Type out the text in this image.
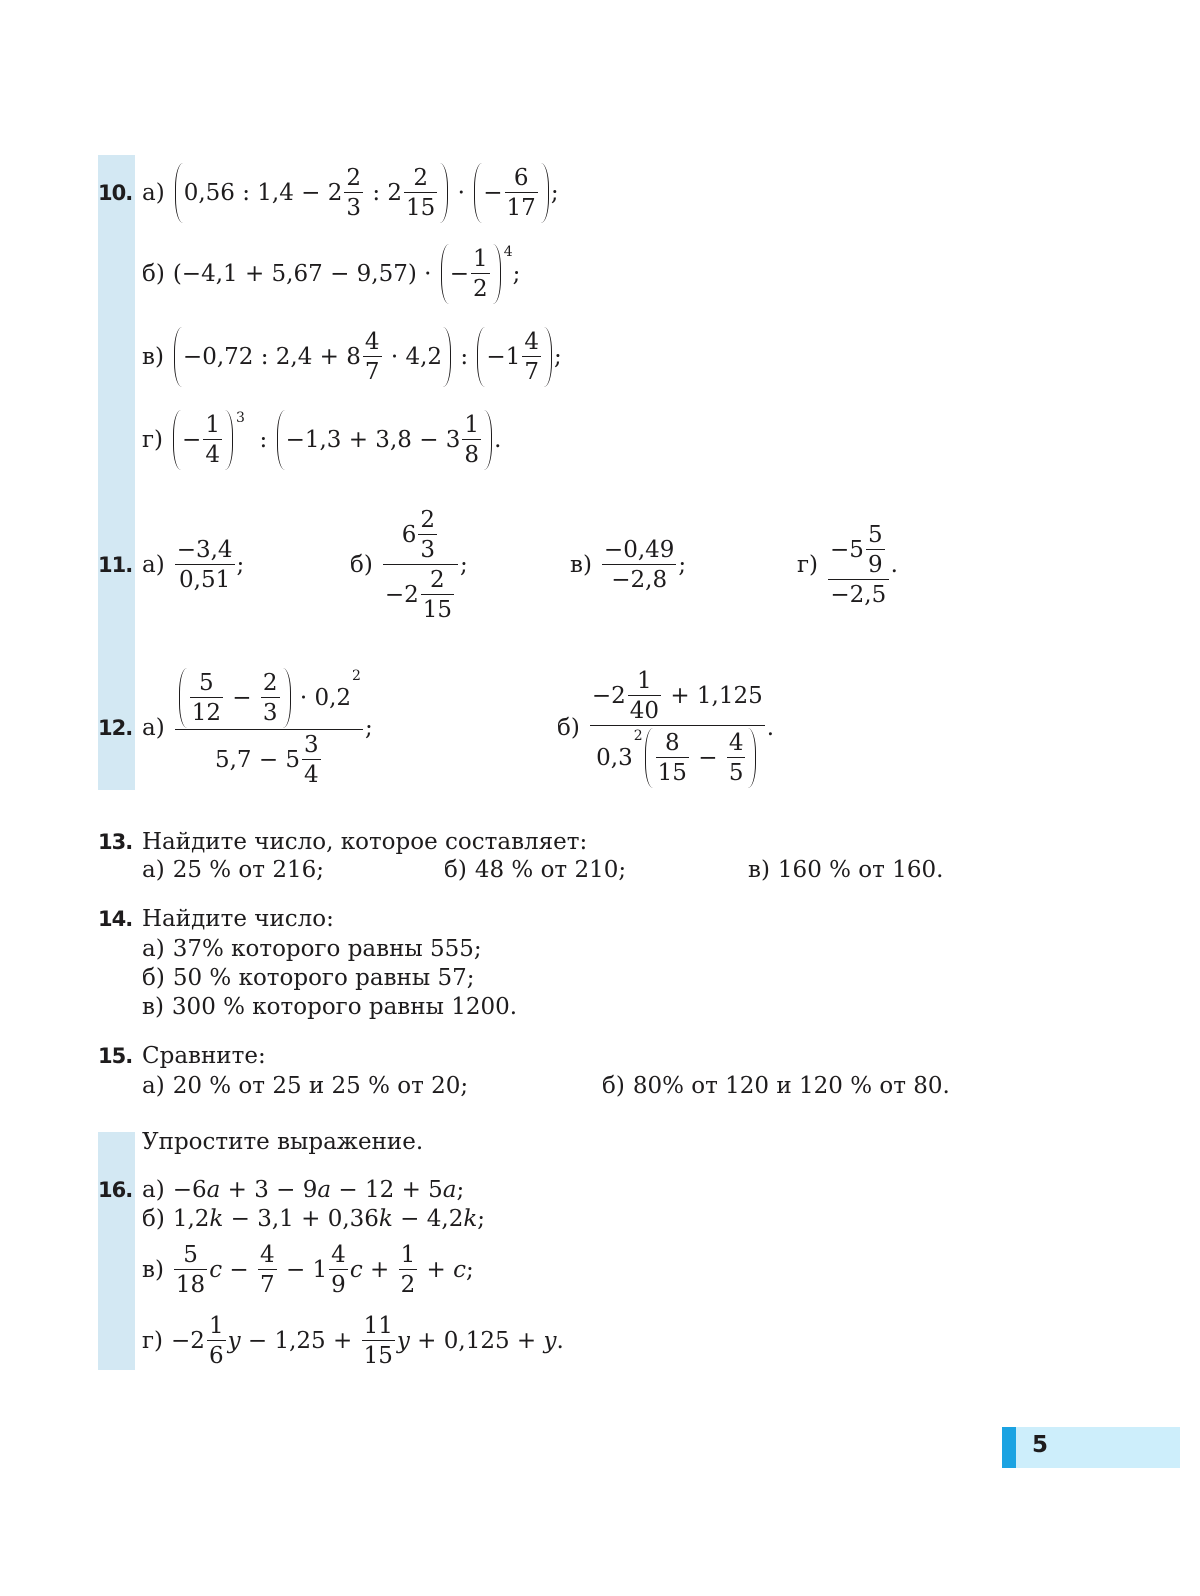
10. а) 0,56 : $1,4 - 2 \frac{2}{3}$ : $2 \frac{2}{15}$ · − $\frac{6}{17}$ ;
б) (−4,1 + 5,67 − 9,57) · − $\frac{1}{2} 4$
;
в) −0,72 : $2,4 + 8 \frac{4}{7} \cdot 4,2$ : $-1 \frac{4}{7}$ ;
$г) - \frac{1}{4} 3$
: $-1,3 + 3,8 - 3 \frac{1}{8}$ .
11. $а) \frac{-3,4}{0,51}$ ;	$б) \frac{6 \frac{2}{3}}{-2 \frac{2}{15}}$ ;	$в) \frac{-0,49}{-2,8}$ ;	$г) \frac{-5 \frac{5}{9}}{-2,5}$ .
12. $а) \frac{5}{12} - \frac{2}{3} \cdot 0,2$
2
$5,7 - 5 \frac{3}{4}$ ;	$б) -2 \frac{1}{40} + 1,125$
0,3
$2 \frac{8}{15} - \frac{4}{5}$ .
13. Найдите число, которое составляет:
а) 25 % от 216;	б) 48 % от 210;	в) 160 % от 160.
14. Найдите число:
а) 37% которого равны 555;
б) 50 % которого равны 57;
в) 300 % которого равны 1200.
15. Сравните:
а) 20 % от 25 и 25 % от 20;	б) 80% от 120 и 120 % от 80.
Упростите выражение.
16. а) −6 a + 3 − 9 a − 12 + 5 a ;
б) 1,2 k − 3,1 + 0,36 k − 4,2 k ;
$в) \frac{5}{18}$ $c - \frac{4}{7} - 1 \frac{4}{9}$ $c + \frac{1}{2} + c$ ;
$г) -2 \frac{1}{6}$ $y - 1,25 + \frac{11}{15}$ y + 0,125 + y .
5
